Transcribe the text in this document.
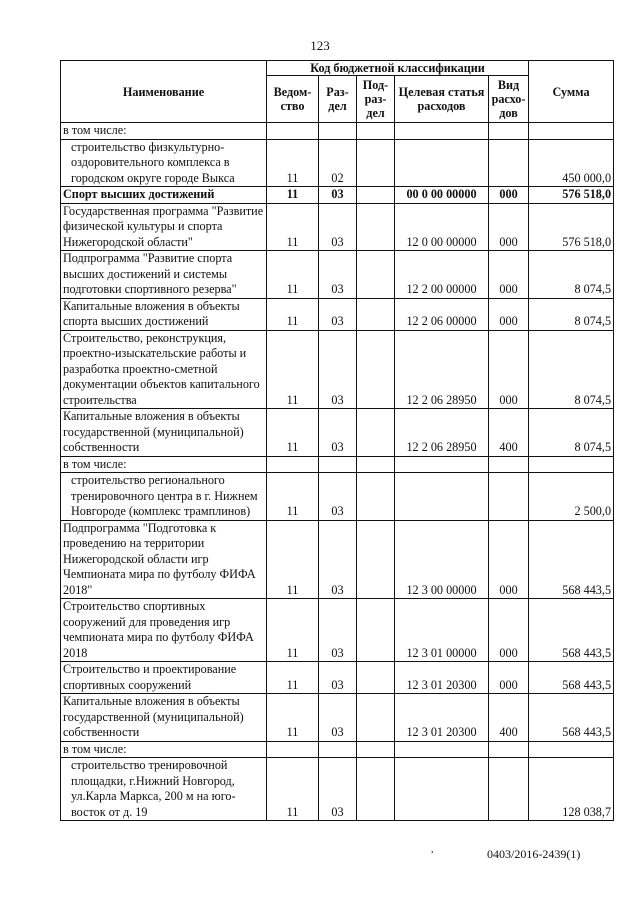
123
Наименование	Код бюджетной классификации					Сумма
	Ведом-ство	Раз-дел	Под-раз-дел	Целевая статья расходов	Вид расхо-дов	
в том числе:						
строительство физкультурно-оздоровительного комплекса в городском округе городе Выкса	11	02				450 000,0
Спорт высших достижений	11	03		00 0 00 00000	000	576 518,0
Государственная программа "Развитие физической культуры и спорта Нижегородской области"	11	03		12 0 00 00000	000	576 518,0
Подпрограмма "Развитие спорта высших достижений и системы подготовки спортивного резерва"	11	03		12 2 00 00000	000	8 074,5
Капитальные вложения в объекты спорта высших достижений	11	03		12 2 06 00000	000	8 074,5
Строительство, реконструкция, проектно-изыскательские работы и разработка проектно-сметной документации объектов капитального строительства	11	03		12 2 06 28950	000	8 074,5
Капитальные вложения в объекты государственной (муниципальной) собственности	11	03		12 2 06 28950	400	8 074,5
в том числе:						
строительство регионального тренировочного центра в г. Нижнем Новгороде (комплекс трамплинов)	11	03				2 500,0
Подпрограмма "Подготовка к проведению на территории Нижегородской области игр Чемпионата мира по футболу ФИФА 2018"	11	03		12 3 00 00000	000	568 443,5
Строительство спортивных сооружений для проведения игр чемпионата мира по футболу ФИФА 2018	11	03		12 3 01 00000	000	568 443,5
Строительство и проектирование спортивных сооружений	11	03		12 3 01 20300	000	568 443,5
Капитальные вложения в объекты государственной (муниципальной) собственности	11	03		12 3 01 20300	400	568 443,5
в том числе:						
строительство тренировочной площадки, г.Нижний Новгород, ул.Карла Маркса, 200 м на юго-восток от д. 19	11	03				128 038,7
,	0403/2016-2439(1)
